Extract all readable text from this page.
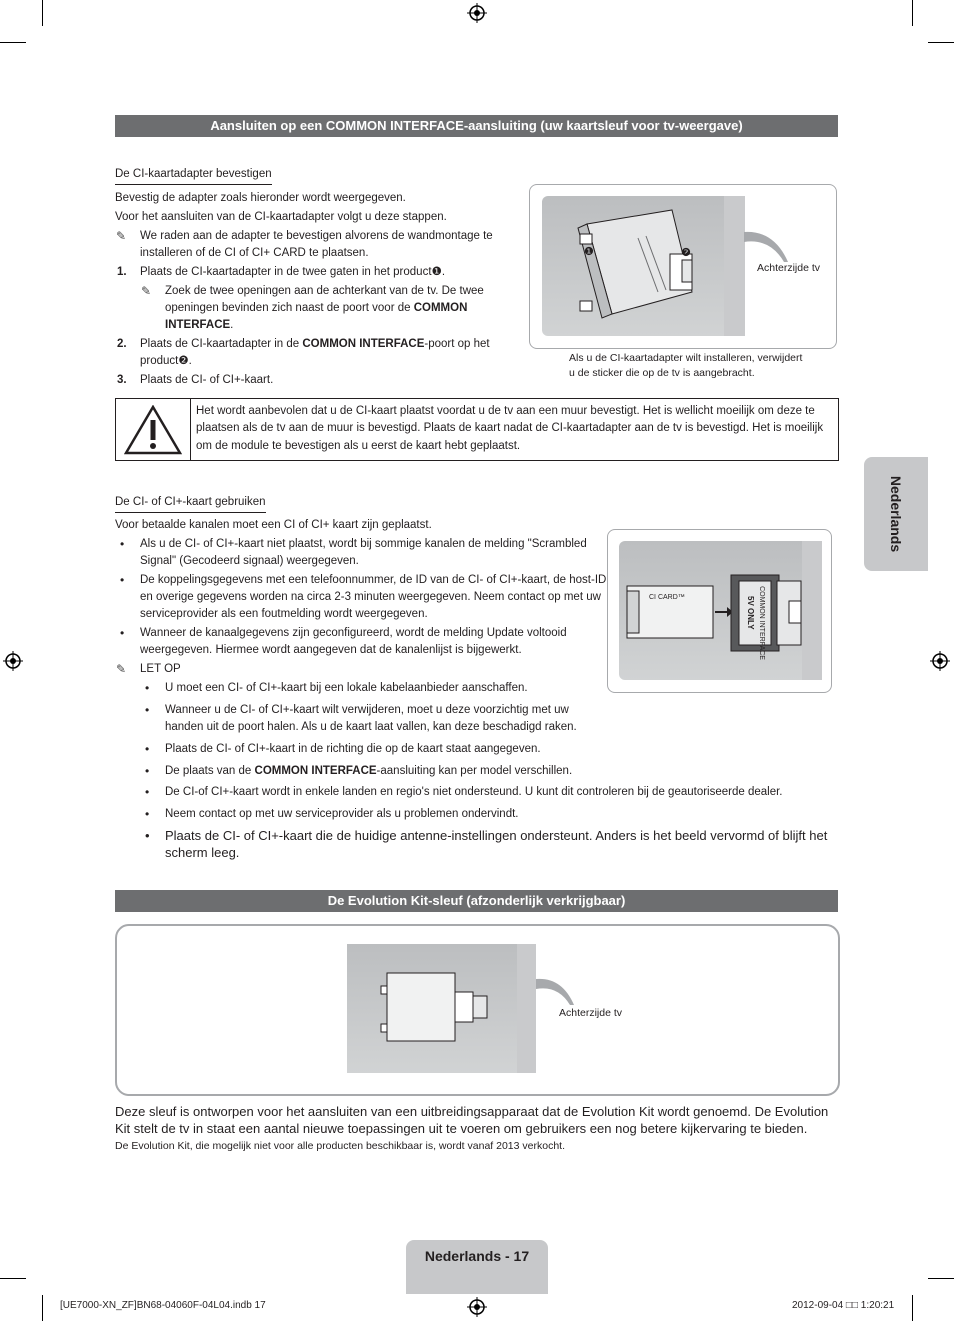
Aansluiten op een COMMON INTERFACE-aansluiting (uw kaartsleuf voor tv-weergave)
De CI-kaartadapter bevestigen

Bevestig de adapter zoals hieronder wordt weergegeven.

Voor het aansluiten van de CI-kaartadapter volgt u deze stappen.

✎ We raden aan de adapter te bevestigen alvorens de wandmontage te

installeren of de CI of CI+ CARD te plaatsen.

1. Plaats de CI-kaartadapter in de twee gaten in het product❶.

✎ Zoek de twee openingen aan de achterkant van de tv. De twee

openingen bevinden zich naast de poort voor de COMMON

INTERFACE.

2. Plaats de CI-kaartadapter in de COMMON INTERFACE-poort op het

product❷.

3. Plaats de CI- of CI+-kaart.

❶	❷
Achterzijde tv

Als u de CI-kaartadapter wilt installeren, verwijdert

u de sticker die op de tv is aangebracht.

Het wordt aanbevolen dat u de CI-kaart plaatst voordat u de tv aan een muur bevestigt. Het is wellicht moeilijk om deze te plaatsen als de tv aan de muur is bevestigd. Plaats de kaart nadat de CI-kaartadapter aan de tv is bevestigd. Het is moeilijk om de module te bevestigen als u eerst de kaart hebt geplaatst.

De CI- of CI+-kaart gebruiken

Voor betaalde kanalen moet een CI of CI+ kaart zijn geplaatst.

• Als u de CI- of CI+-kaart niet plaatst, wordt bij sommige kanalen de melding "Scrambled

Signal" (Gecodeerd signaal) weergegeven.

• De koppelingsgegevens met een telefoonnummer, de ID van de CI- of CI+-kaart, de host-ID

en overige gegevens worden na circa 2-3 minuten weergegeven. Neem contact op met uw

serviceprovider als een foutmelding wordt weergegeven.

• Wanneer de kanaalgegevens zijn geconfigureerd, wordt de melding Update voltooid

weergegeven. Hiermee wordt aangegeven dat de kanalenlijst is bijgewerkt.

✎ LET OP

• U moet een CI- of CI+-kaart bij een lokale kabelaanbieder aanschaffen.

• Wanneer u de CI- of CI+-kaart wilt verwijderen, moet u deze voorzichtig met uw

handen uit de poort halen. Als u de kaart laat vallen, kan deze beschadigd raken.

• Plaats de CI- of CI+-kaart in de richting die op de kaart staat aangegeven.

• De plaats van de COMMON INTERFACE-aansluiting kan per model verschillen.

• De CI-of CI+-kaart wordt in enkele landen en regio's niet ondersteund. U kunt dit controleren bij de geautoriseerde dealer.

• Neem contact op met uw serviceprovider als u problemen ondervindt.

• Plaats de CI- of CI+-kaart die de huidige antenne-instellingen ondersteunt. Anders is het beeld vervormd of blijft het

scherm leeg.

CI CARD™	COMMON INTERFACE
5V ONLY
De Evolution Kit-sleuf (afzonderlijk verkrijgbaar)
Achterzijde tv

Deze sleuf is ontworpen voor het aansluiten van een uitbreidingsapparaat dat de Evolution Kit wordt genoemd. De Evolution

Kit stelt de tv in staat een aantal nieuwe toepassingen uit te voeren om gebruikers een nog betere kijkervaring te bieden.

De Evolution Kit, die mogelijk niet voor alle producten beschikbaar is, wordt vanaf 2013 verkocht.

Nederlands
Nederlands - 17
[UE7000-XN_ZF]BN68-04060F-04L04.indb 17	2012-09-04 □□ 1:20:21
